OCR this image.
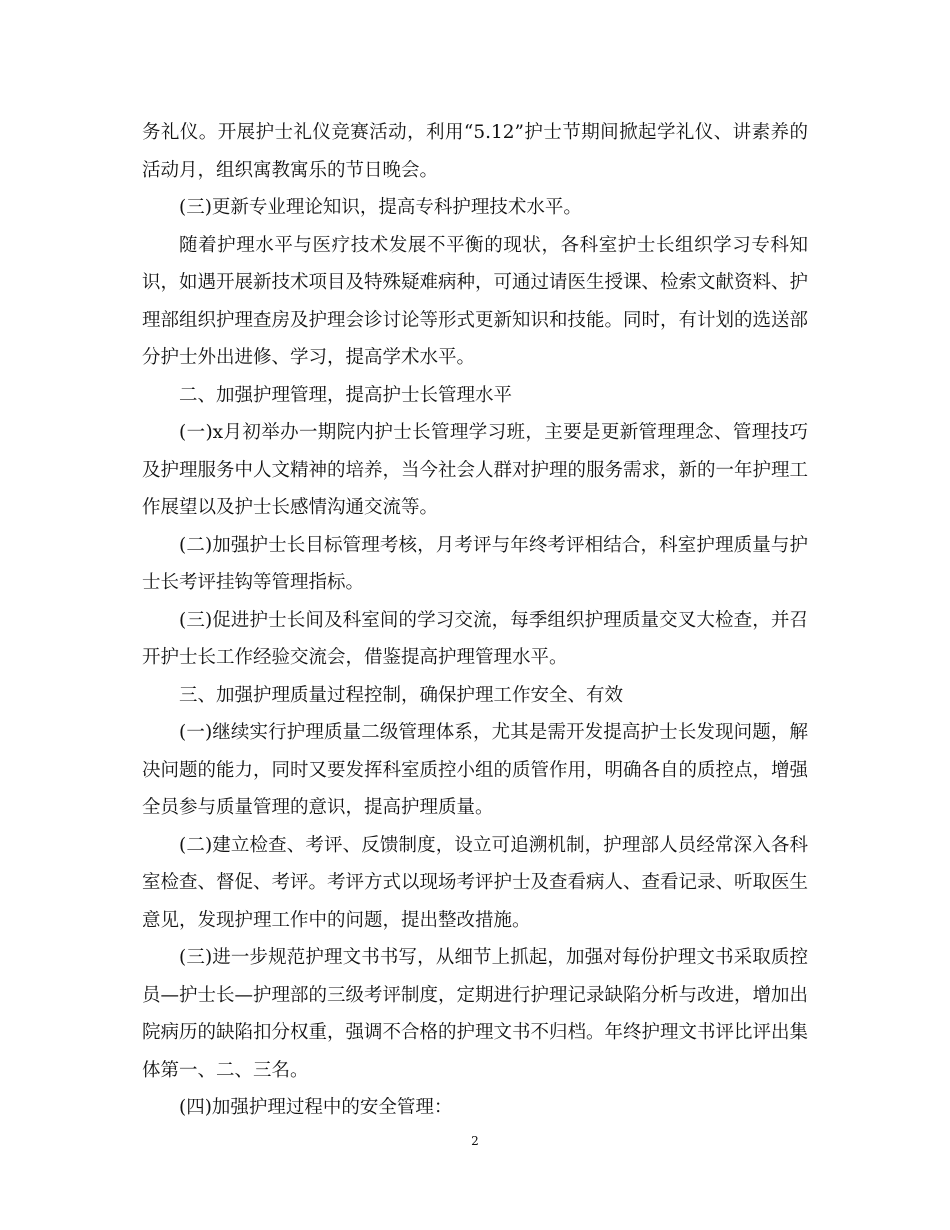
务礼仪。开展护士礼仪竞赛活动，利用“5.12”护士节期间掀起学礼仪、讲素养的活动月，组织寓教寓乐的节日晚会。

(三)更新专业理论知识，提高专科护理技术水平。

随着护理水平与医疗技术发展不平衡的现状，各科室护士长组织学习专科知识，如遇开展新技术项目及特殊疑难病种，可通过请医生授课、检索文献资料、护理部组织护理查房及护理会诊讨论等形式更新知识和技能。同时，有计划的选送部分护士外出进修、学习，提高学术水平。

二、加强护理管理，提高护士长管理水平

(一)x月初举办一期院内护士长管理学习班，主要是更新管理理念、管理技巧及护理服务中人文精神的培养，当今社会人群对护理的服务需求，新的一年护理工作展望以及护士长感情沟通交流等。

(二)加强护士长目标管理考核，月考评与年终考评相结合，科室护理质量与护士长考评挂钩等管理指标。

(三)促进护士长间及科室间的学习交流，每季组织护理质量交叉大检查，并召开护士长工作经验交流会，借鉴提高护理管理水平。

三、加强护理质量过程控制，确保护理工作安全、有效

(一)继续实行护理质量二级管理体系，尤其是需开发提高护士长发现问题，解决问题的能力，同时又要发挥科室质控小组的质管作用，明确各自的质控点，增强全员参与质量管理的意识，提高护理质量。

(二)建立检查、考评、反馈制度，设立可追溯机制，护理部人员经常深入各科室检查、督促、考评。考评方式以现场考评护士及查看病人、查看记录、听取医生意见，发现护理工作中的问题，提出整改措施。

(三)进一步规范护理文书书写，从细节上抓起，加强对每份护理文书采取质控员—护士长—护理部的三级考评制度，定期进行护理记录缺陷分析与改进，增加出院病历的缺陷扣分权重，强调不合格的护理文书不归档。年终护理文书评比评出集体第一、二、三名。

(四)加强护理过程中的安全管理：

2
